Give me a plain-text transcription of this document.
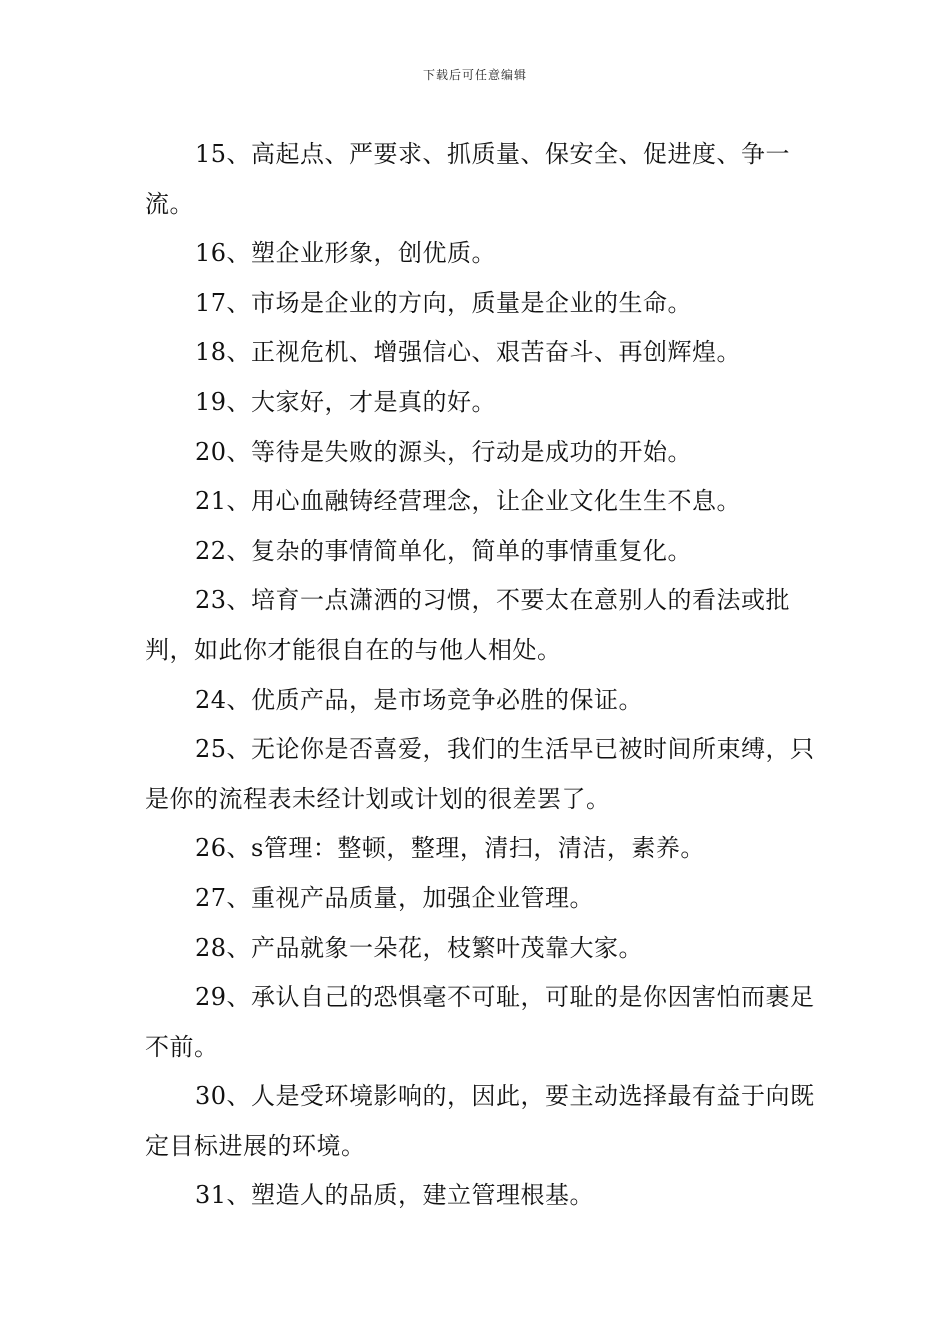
下载后可任意编辑

15、高起点、严要求、抓质量、保安全、促进度、争一流。

16、塑企业形象，创优质。

17、市场是企业的方向，质量是企业的生命。

18、正视危机、增强信心、艰苦奋斗、再创辉煌。

19、大家好，才是真的好。

20、等待是失败的源头，行动是成功的开始。

21、用心血融铸经营理念，让企业文化生生不息。

22、复杂的事情简单化，简单的事情重复化。

23、培育一点潇洒的习惯，不要太在意别人的看法或批判，如此你才能很自在的与他人相处。

24、优质产品，是市场竞争必胜的保证。

25、无论你是否喜爱，我们的生活早已被时间所束缚，只是你的流程表未经计划或计划的很差罢了。

26、s管理：整顿，整理，清扫，清洁，素养。

27、重视产品质量，加强企业管理。

28、产品就象一朵花，枝繁叶茂靠大家。

29、承认自己的恐惧毫不可耻，可耻的是你因害怕而裹足不前。

30、人是受环境影响的，因此，要主动选择最有益于向既定目标进展的环境。

31、塑造人的品质，建立管理根基。
